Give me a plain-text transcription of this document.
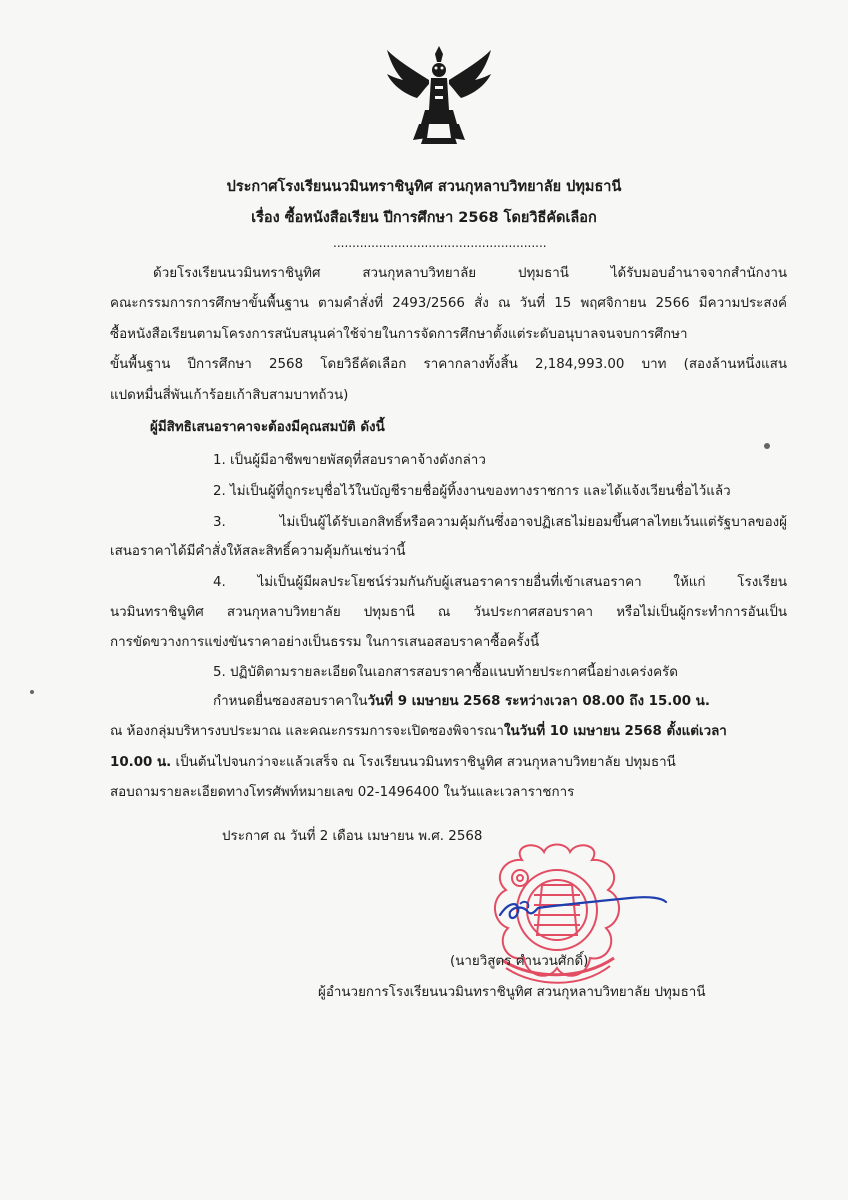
ประกาศโรงเรียนนวมินทราชินูทิศ สวนกุหลาบวิทยาลัย ปทุมธานี
เรื่อง ซื้อหนังสือเรียน ปีการศึกษา 2568 โดยวิธีคัดเลือก
........................................................
ด้วยโรงเรียนนวมินทราชินูทิศ สวนกุหลาบวิทยาลัย ปทุมธานี ได้รับมอบอำนาจจากสำนักงาน
คณะกรรมการการศึกษาขั้นพื้นฐาน ตามคำสั่งที่ 2493/2566 สั่ง ณ วันที่ 15 พฤศจิกายน 2566 มีความประสงค์
ซื้อหนังสือเรียนตามโครงการสนับสนุนค่าใช้จ่ายในการจัดการศึกษาตั้งแต่ระดับอนุบาลจนจบการศึกษา
ขั้นพื้นฐาน ปีการศึกษา 2568 โดยวิธีคัดเลือก ราคากลางทั้งสิ้น 2,184,993.00 บาท (สองล้านหนึ่งแสน
แปดหมื่นสี่พันเก้าร้อยเก้าสิบสามบาทถ้วน)
ผู้มีสิทธิเสนอราคาจะต้องมีคุณสมบัติ ดังนี้
1. เป็นผู้มีอาชีพขายพัสดุที่สอบราคาจ้างดังกล่าว
2. ไม่เป็นผู้ที่ถูกระบุชื่อไว้ในบัญชีรายชื่อผู้ทิ้งงานของทางราชการ และได้แจ้งเวียนชื่อไว้แล้ว
3. ไม่เป็นผู้ได้รับเอกสิทธิ์หรือความคุ้มกันซึ่งอาจปฏิเสธไม่ยอมขึ้นศาลไทยเว้นแต่รัฐบาลของผู้
เสนอราคาได้มีคำสั่งให้สละสิทธิ์ความคุ้มกันเช่นว่านี้
4. ไม่เป็นผู้มีผลประโยชน์ร่วมกันกับผู้เสนอราคารายอื่นที่เข้าเสนอราคา ให้แก่ โรงเรียน
นวมินทราชินูทิศ สวนกุหลาบวิทยาลัย ปทุมธานี ณ วันประกาศสอบราคา หรือไม่เป็นผู้กระทำการอันเป็น
การขัดขวางการแข่งขันราคาอย่างเป็นธรรม ในการเสนอสอบราคาซื้อครั้งนี้
5. ปฏิบัติตามรายละเอียดในเอกสารสอบราคาซื้อแนบท้ายประกาศนี้อย่างเคร่งครัด
กำหนดยื่นซองสอบราคาในวันที่ 9 เมษายน 2568 ระหว่างเวลา 08.00 ถึง 15.00 น.
ณ ห้องกลุ่มบริหารงบประมาณ และคณะกรรมการจะเปิดซองพิจารณาในวันที่ 10 เมษายน 2568 ตั้งแต่เวลา
10.00 น. เป็นต้นไปจนกว่าจะแล้วเสร็จ ณ โรงเรียนนวมินทราชินูทิศ สวนกุหลาบวิทยาลัย ปทุมธานี
สอบถามรายละเอียดทางโทรศัพท์หมายเลข 02-1496400 ในวันและเวลาราชการ
ประกาศ ณ วันที่ 2 เดือน เมษายน พ.ศ. 2568
(นายวิสูตร คำนวนศักดิ์)
ผู้อำนวยการโรงเรียนนวมินทราชินูทิศ สวนกุหลาบวิทยาลัย ปทุมธานี
